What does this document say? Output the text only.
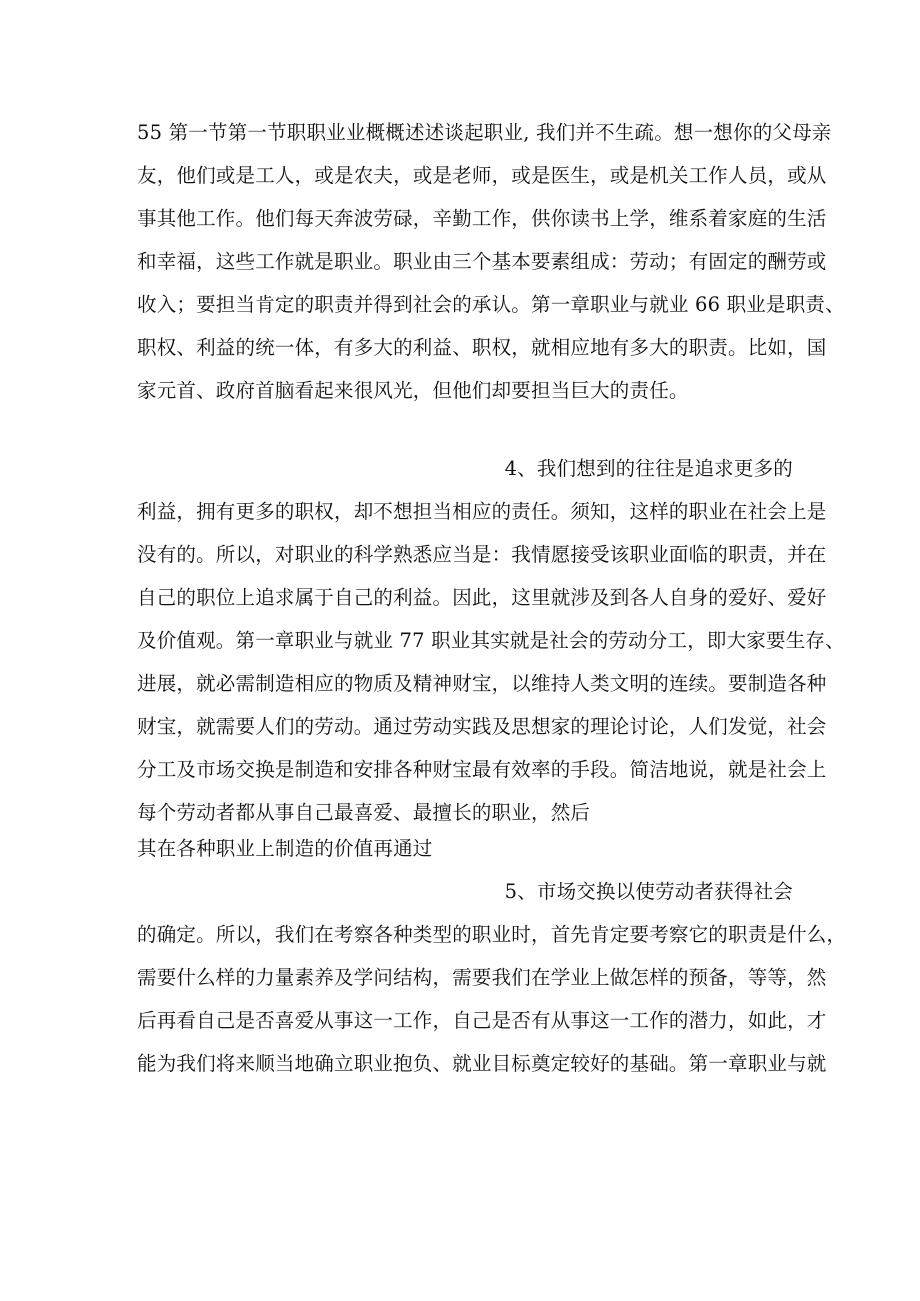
55 第一节第一节职职业业概概述述谈起职业, 我们并不生疏。想一想你的父母亲
友，他们或是工人，或是农夫，或是老师，或是医生，或是机关工作人员，或从
事其他工作。他们每天奔波劳碌，辛勤工作，供你读书上学，维系着家庭的生活
和幸福，这些工作就是职业。职业由三个基本要素组成：劳动；有固定的酬劳或
收入；要担当肯定的职责并得到社会的承认。第一章职业与就业 66 职业是职责、
职权、利益的统一体，有多大的利益、职权，就相应地有多大的职责。比如，国
家元首、政府首脑看起来很风光，但他们却要担当巨大的责任。
4、我们想到的往往是追求更多的
利益，拥有更多的职权，却不想担当相应的责任。须知，这样的职业在社会上是
没有的。所以，对职业的科学熟悉应当是：我情愿接受该职业面临的职责，并在
自己的职位上追求属于自己的利益。因此，这里就涉及到各人自身的爱好、爱好
及价值观。第一章职业与就业 77 职业其实就是社会的劳动分工，即大家要生存、
进展，就必需制造相应的物质及精神财宝，以维持人类文明的连续。要制造各种
财宝，就需要人们的劳动。通过劳动实践及思想家的理论讨论，人们发觉，社会
分工及市场交换是制造和安排各种财宝最有效率的手段。简洁地说，就是社会上
每个劳动者都从事自己最喜爱、最擅长的职业，然后
其在各种职业上制造的价值再通过
5、市场交换以使劳动者获得社会
的确定。所以，我们在考察各种类型的职业时，首先肯定要考察它的职责是什么，
需要什么样的力量素养及学问结构，需要我们在学业上做怎样的预备，等等，然
后再看自己是否喜爱从事这一工作，自己是否有从事这一工作的潜力，如此，才
能为我们将来顺当地确立职业抱负、就业目标奠定较好的基础。第一章职业与就
